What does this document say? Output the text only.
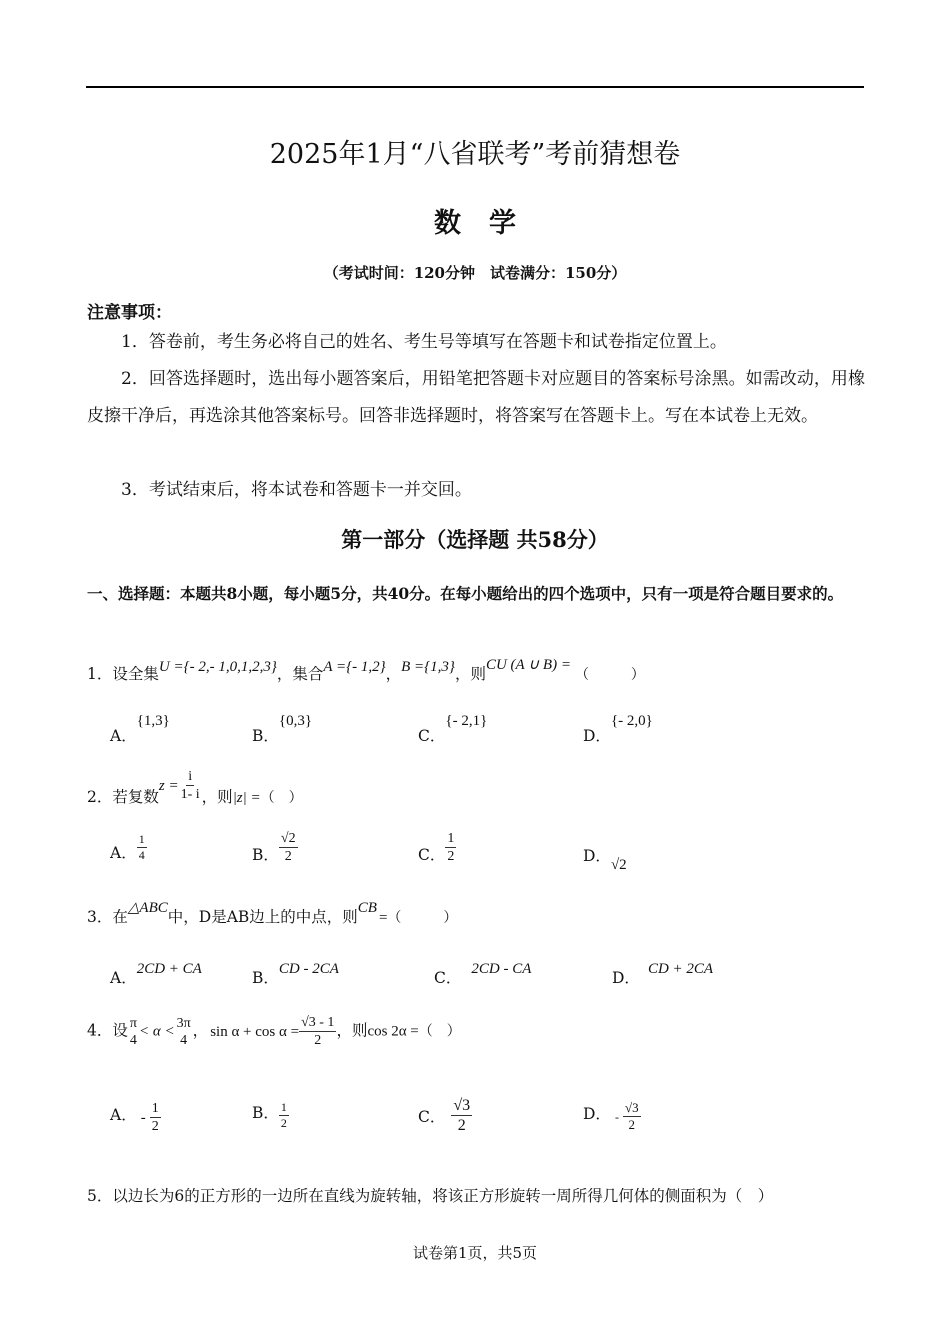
2025年1月“八省联考”考前猜想卷
数学
（考试时间：120分钟　试卷满分：150分）
注意事项：
1．答卷前，考生务必将自己的姓名、考生号等填写在答题卡和试卷指定位置上。
2．回答选择题时，选出每小题答案后，用铅笔把答题卡对应题目的答案标号涂黑。如需改动，用橡皮擦干净后，再选涂其他答案标号。回答非选择题时，将答案写在答题卡上。写在本试卷上无效。
3．考试结束后，将本试卷和答题卡一并交回。
第一部分（选择题 共58分）
一、选择题：本题共8小题，每小题5分，共40分。在每小题给出的四个选项中，只有一项是符合题目要求的。
1．设全集U ={- 2,- 1,0,1,2,3}，集合A ={- 1,2}，B ={1,3}，则CU (A ∪ B) =（　　　）
A．{1,3}
B．{0,3}
C．{- 2,1}
D．{- 2,0}
2．若复数$z = \frac{i}{1- i}$ ，则|z| =（　）
A． $\frac{1}{4}$	B． $\frac{√2}{2}$	C． $\frac{1}{2}$	D．√2
3．在△ABC中，D是AB边上的中点，则CB=（　　　）
A．2CD + CA	B．CD - 2CA	C． 2CD - CA	D． CD + 2CA
4．设 π
4
< α <
3π
4
， $\sin \alpha + \cos \alpha = \frac{√3 - 1}{2}$ ，则cos 2α =（　）
A． - $\frac{1}{2}$	B． $\frac{1}{2}$	C． $\frac{√3}{2}$	D． - $\frac{√3}{2}$
5．以边长为6的正方形的一边所在直线为旋转轴，将该正方形旋转一周所得几何体的侧面积为（　）
试卷第1页，共5页
